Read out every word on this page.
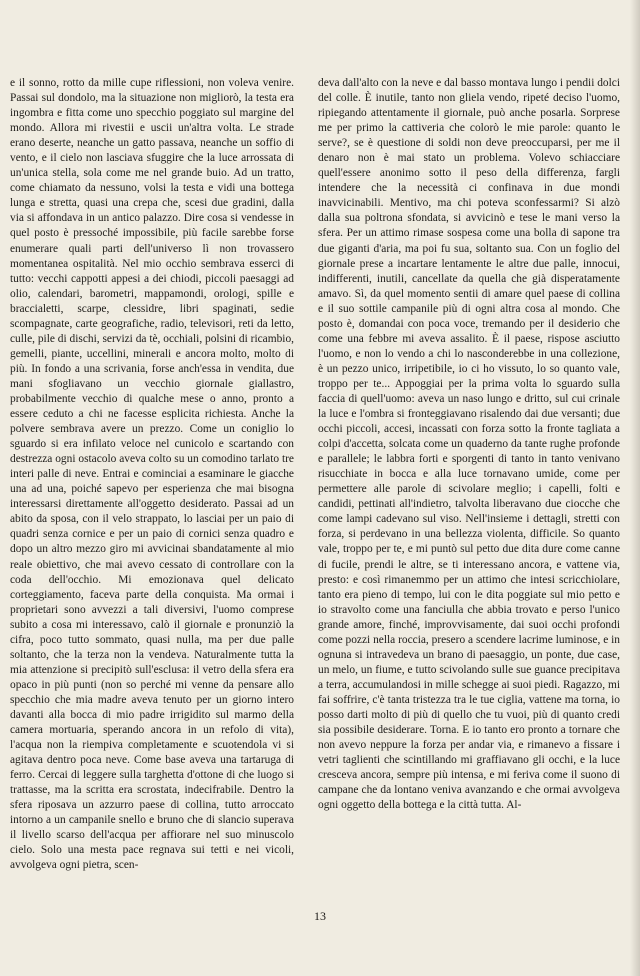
e il sonno, rotto da mille cupe riflessioni, non voleva venire. Passai sul dondolo, ma la situazione non migliorò, la testa era ingombra e fitta come uno specchio poggiato sul margine del mondo. Allora mi rivestii e uscii un'altra volta. Le strade erano deserte, neanche un gatto passava, neanche un soffio di vento, e il cielo non lasciava sfuggire che la luce arrossata di un'unica stella, sola come me nel grande buio. Ad un tratto, come chiamato da nessuno, volsi la testa e vidi una bottega lunga e stretta, quasi una crepa che, scesi due gradini, dalla via si affondava in un antico palazzo. Dire cosa si vendesse in quel posto è pressoché impossibile, più facile sarebbe forse enumerare quali parti dell'universo lì non trovassero momentanea ospitalità. Nel mio occhio sembrava esserci di tutto: vecchi cappotti appesi a dei chiodi, piccoli paesaggi ad olio, calendari, barometri, mappamondi, orologi, spille e braccialetti, scarpe, clessidre, libri spaginati, sedie scompagnate, carte geografiche, radio, televisori, reti da letto, culle, pile di dischi, servizi da tè, occhiali, polsini di ricambio, gemelli, piante, uccellini, minerali e ancora molto, molto di più. In fondo a una scrivania, forse anch'essa in vendita, due mani sfogliavano un vecchio giornale giallastro, probabilmente vecchio di qualche mese o anno, pronto a essere ceduto a chi ne facesse esplicita richiesta. Anche la polvere sembrava avere un prezzo. Come un coniglio lo sguardo si era infilato veloce nel cunicolo e scartando con destrezza ogni ostacolo aveva colto su un comodino tarlato tre interi palle di neve. Entrai e cominciai a esaminare le giacche una ad una, poiché sapevo per esperienza che mai bisogna interessarsi direttamente all'oggetto desiderato. Passai ad un abito da sposa, con il velo strappato, lo lasciai per un paio di quadri senza cornice e per un paio di cornici senza quadro e dopo un altro mezzo giro mi avvicinai sbandatamente al mio reale obiettivo, che mai avevo cessato di controllare con la coda dell'occhio. Mi emozionava quel delicato corteggiamento, faceva parte della conquista. Ma ormai i proprietari sono avvezzi a tali diversivi, l'uomo comprese subito a cosa mi interessavo, calò il giornale e pronunziò la cifra, poco tutto sommato, quasi nulla, ma per due palle soltanto, che la terza non la vendeva. Naturalmente tutta la mia attenzione si precipitò sull'esclusa: il vetro della sfera era opaco in più punti (non so perché mi venne da pensare allo specchio che mia madre aveva tenuto per un giorno intero davanti alla bocca di mio padre irrigidito sul marmo della camera mortuaria, sperando ancora in un refolo di vita), l'acqua non la riempiva completamente e scuotendola vi si agitava dentro poca neve. Come base aveva una tartaruga di ferro. Cercai di leggere sulla targhetta d'ottone di che luogo si trattasse, ma la scritta era scrostata, indecifrabile. Dentro la sfera riposava un azzurro paese di collina, tutto arroccato intorno a un campanile snello e bruno che di slancio superava il livello scarso dell'acqua per affiorare nel suo minuscolo cielo. Solo una mesta pace regnava sui tetti e nei vicoli, avvolgeva ogni pietra, scen-

deva dall'alto con la neve e dal basso montava lungo i pendii dolci del colle. È inutile, tanto non gliela vendo, ripeté deciso l'uomo, ripiegando attentamente il giornale, può anche posarla. Sorprese me per primo la cattiveria che colorò le mie parole: quanto le serve?, se è questione di soldi non deve preoccuparsi, per me il denaro non è mai stato un problema. Volevo schiacciare quell'essere anonimo sotto il peso della differenza, fargli intendere che la necessità ci confinava in due mondi inavvicinabili. Mentivo, ma chi poteva sconfessarmi? Si alzò dalla sua poltrona sfondata, si avvicinò e tese le mani verso la sfera. Per un attimo rimase sospesa come una bolla di sapone tra due giganti d'aria, ma poi fu sua, soltanto sua. Con un foglio del giornale prese a incartare lentamente le altre due palle, innocui, indifferenti, inutili, cancellate da quella che già disperatamente amavo. Sì, da quel momento sentii di amare quel paese di collina e il suo sottile campanile più di ogni altra cosa al mondo. Che posto è, domandai con poca voce, tremando per il desiderio che come una febbre mi aveva assalito. È il paese, rispose asciutto l'uomo, e non lo vendo a chi lo nasconderebbe in una collezione, è un pezzo unico, irripetibile, io ci ho vissuto, lo so quanto vale, troppo per te... Appoggiai per la prima volta lo sguardo sulla faccia di quell'uomo: aveva un naso lungo e dritto, sul cui crinale la luce e l'ombra si fronteggiavano risalendo dai due versanti; due occhi piccoli, accesi, incassati con forza sotto la fronte tagliata a colpi d'accetta, solcata come un quaderno da tante rughe profonde e parallele; le labbra forti e sporgenti di tanto in tanto venivano risucchiate in bocca e alla luce tornavano umide, come per permettere alle parole di scivolare meglio; i capelli, folti e candidi, pettinati all'indietro, talvolta liberavano due ciocche che come lampi cadevano sul viso. Nell'insieme i dettagli, stretti con forza, si perdevano in una bellezza violenta, difficile. So quanto vale, troppo per te, e mi puntò sul petto due dita dure come canne di fucile, prendi le altre, se ti interessano ancora, e vattene via, presto: e così rimanemmo per un attimo che intesi scricchiolare, tanto era pieno di tempo, lui con le dita poggiate sul mio petto e io stravolto come una fanciulla che abbia trovato e perso l'unico grande amore, finché, improvvisamente, dai suoi occhi profondi come pozzi nella roccia, presero a scendere lacrime luminose, e in ognuna si intravedeva un brano di paesaggio, un ponte, due case, un melo, un fiume, e tutto scivolando sulle sue guance precipitava a terra, accumulandosi in mille schegge ai suoi piedi. Ragazzo, mi fai soffrire, c'è tanta tristezza tra le tue ciglia, vattene ma torna, io posso darti molto di più di quello che tu vuoi, più di quanto credi sia possibile desiderare. Torna. E io tanto ero pronto a tornare che non avevo neppure la forza per andar via, e rimanevo a fissare i vetri taglienti che scintillando mi graffiavano gli occhi, e la luce cresceva ancora, sempre più intensa, e mi feriva come il suono di campane che da lontano veniva avanzando e che ormai avvolgeva ogni oggetto della bottega e la città tutta. Al-

13
